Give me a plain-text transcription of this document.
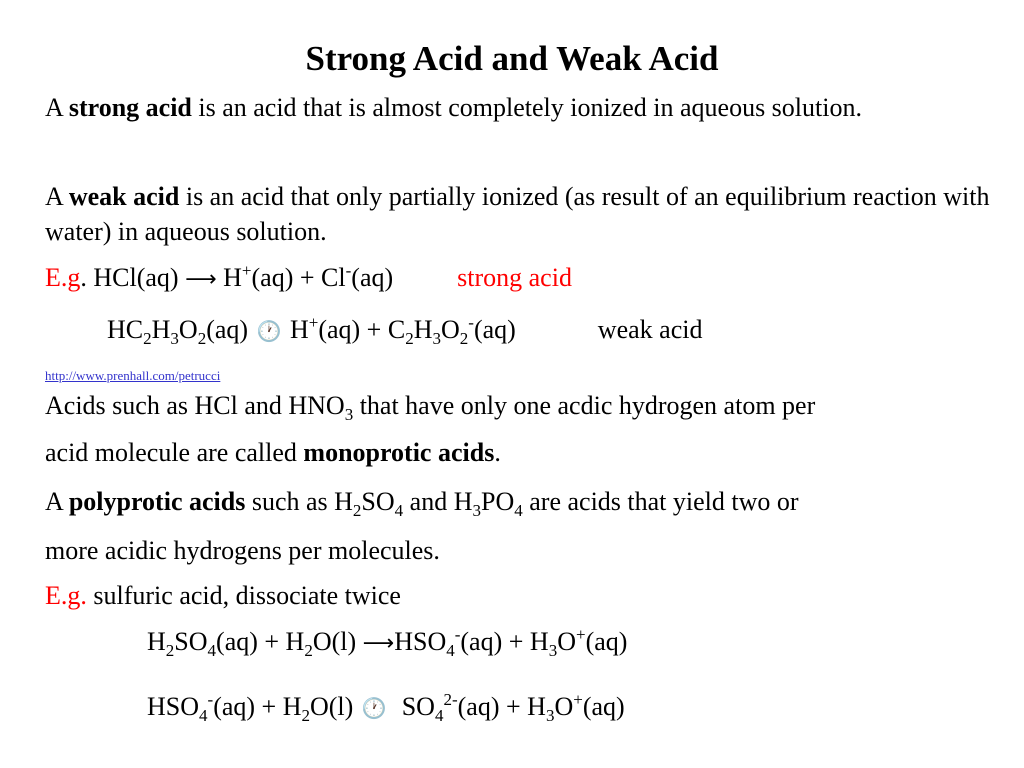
Strong Acid and Weak Acid
A strong acid is an acid that is almost completely ionized in aqueous solution.
A weak acid is an acid that only partially ionized (as result of an equilibrium reaction with water) in aqueous solution.
E.g. HCl(aq) ⟶ H+(aq) + Cl-(aq) strong acid
$HC_2H_3O_2(aq)$ 🕐 $H^+(aq) + C_2H_3O_2^-(aq)$	weak acid
http://www.prenhall.com/petrucci
Acids such as HCl and $HNO_3$ that have only one acdic hydrogen atom per
acid molecule are called monoprotic acids.
A polyprotic acids such as $H_2SO_4$ and $H_3PO_4$ are acids that yield two or
more acidic hydrogens per molecules.
E.g. sulfuric acid, dissociate twice
$H_2SO_4(aq) + H_2O(l)$ $⟶HSO_4^-(aq) + H_3O^+(aq)$
$HSO_4^-(aq) + H_2O(l)$ 🕐  $SO_4^{2-}(aq) + H_3O^+(aq)$
